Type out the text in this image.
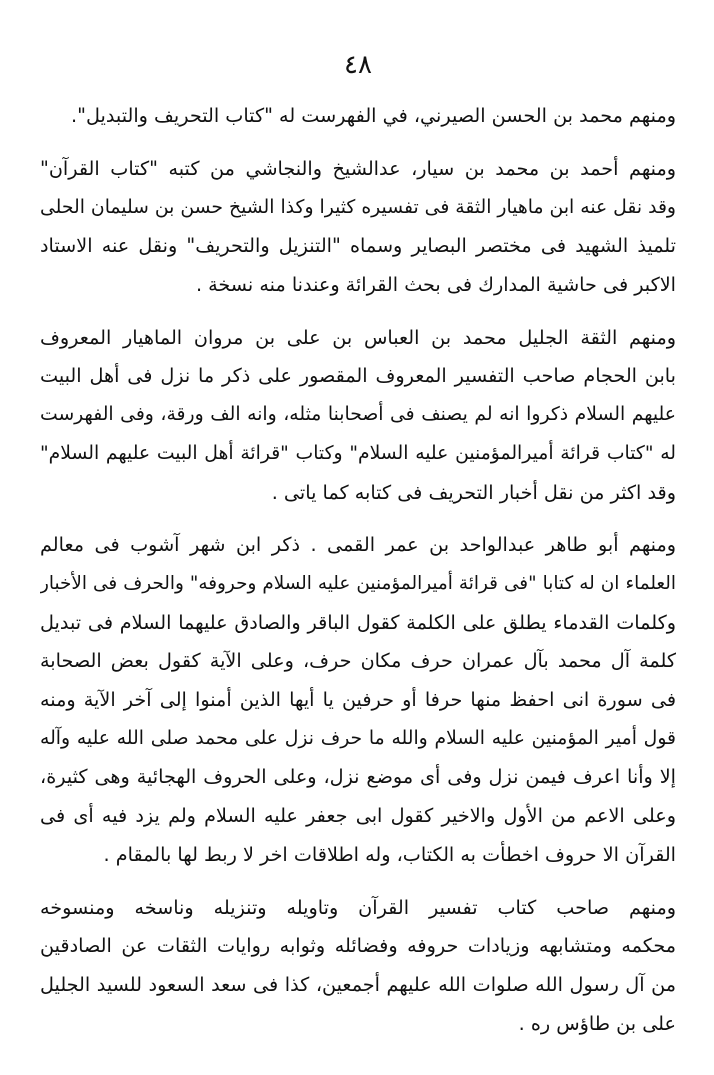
٤٨
ومنهم محمد بن الحسن الصيرني، في الفهرست له "كتاب التحريف والتبديل".
ومنهم أحمد بن محمد بن سيار، عدالشيخ والنجاشي من كتبه "كتاب القرآن"
وقد نقل عنه ابن ماهيار الثقة فى تفسيره كثيرا وكذا الشيخ حسن بن سليمان الحلى
تلميذ الشهيد فى مختصر البصاير وسماه "التنزيل والتحريف" ونقل عنه الاستاد
الاكبر فى حاشية المدارك فى بحث القرائة وعندنا منه نسخة .
ومنهم الثقة الجليل محمد بن العباس بن على بن مروان الماهيار المعروف
بابن الحجام صاحب التفسير المعروف المقصور على ذكر ما نزل فى أهل البيت
عليهم السلام ذكروا انه لم يصنف فى أصحابنا مثله، وانه الف ورقة، وفى الفهرست
له "كتاب قرائة أميرالمؤمنين عليه السلام" وكتاب "قرائة أهل البيت عليهم السلام"
وقد اكثر من نقل أخبار التحريف فى كتابه كما ياتى .
ومنهم أبو طاهر عبدالواحد بن عمر القمى . ذكر ابن شهر آشوب فى معالم
العلماء ان له كتابا "فى قرائة أميرالمؤمنين عليه السلام وحروفه" والحرف فى الأخبار
وكلمات القدماء يطلق على الكلمة كقول الباقر والصادق عليهما السلام فى تبديل
كلمة آل محمد بآل عمران حرف مكان حرف، وعلى الآية كقول بعض الصحابة
فى سورة انى احفظ منها حرفا أو حرفين يا أيها الذين أمنوا إلى آخر الآية ومنه
قول أمير المؤمنين عليه السلام والله ما حرف نزل على محمد صلى الله عليه وآله
إلا وأنا اعرف فيمن نزل وفى أى موضع نزل، وعلى الحروف الهجائية وهى كثيرة،
وعلى الاعم من الأول والاخير كقول ابى جعفر عليه السلام ولم يزد فيه أى فى
القرآن الا حروف اخطأت به الكتاب، وله اطلاقات اخر لا ربط لها بالمقام .
ومنهم صاحب كتاب تفسير القرآن وتاويله وتنزيله وناسخه ومنسوخه
محكمه ومتشابهه وزيادات حروفه وفضائله وثوابه روايات الثقات عن الصادقين
من آل رسول الله صلوات الله عليهم أجمعين، كذا فى سعد السعود للسيد الجليل
على بن طاؤس ره .
